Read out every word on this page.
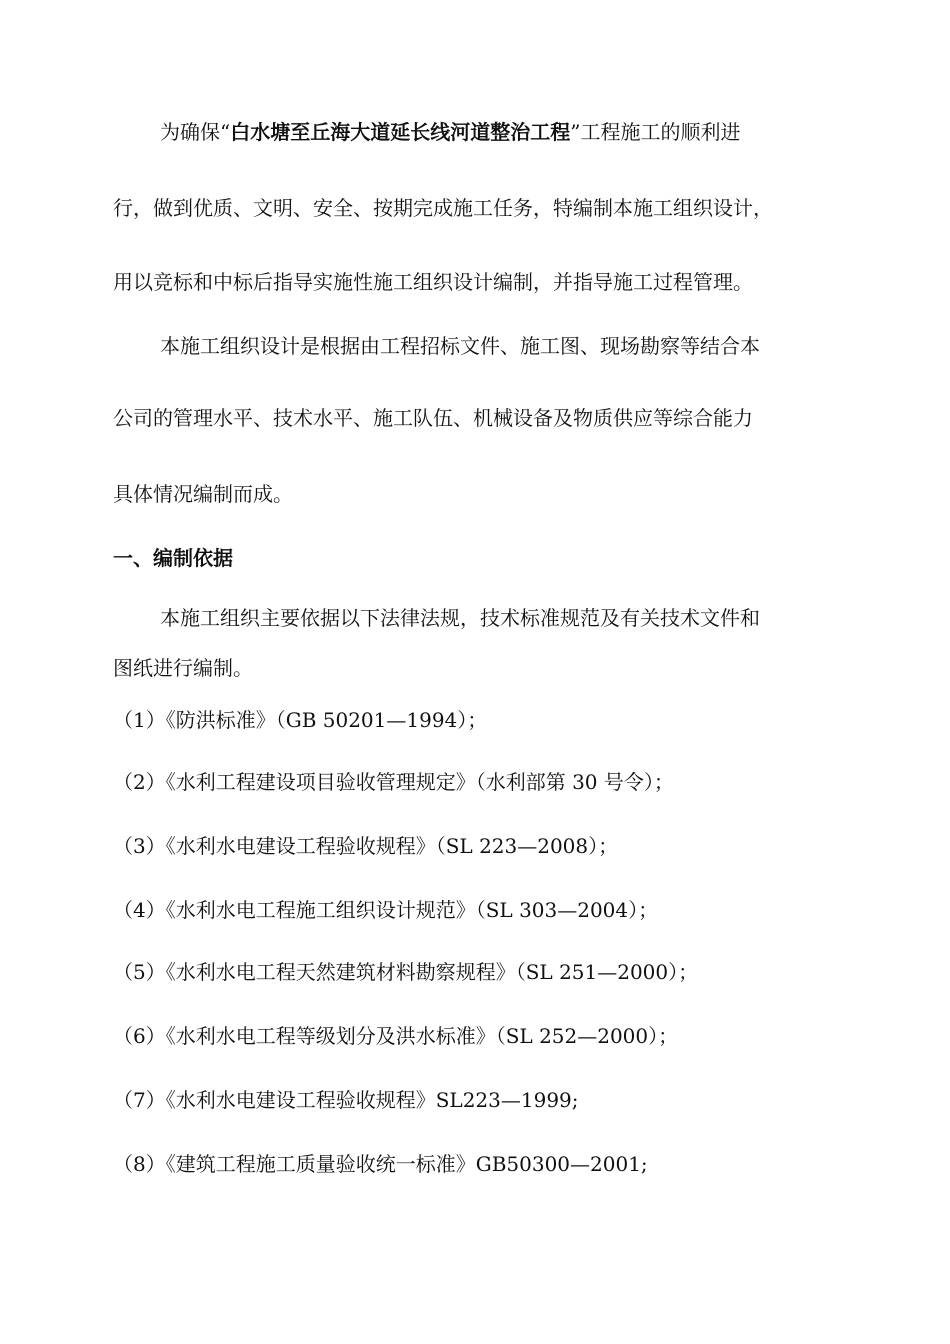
为确保“白水塘至丘海大道延长线河道整治工程”工程施工的顺利进
行，做到优质、文明、安全、按期完成施工任务，特编制本施工组织设计，
用以竞标和中标后指导实施性施工组织设计编制，并指导施工过程管理。
本施工组织设计是根据由工程招标文件、施工图、现场勘察等结合本
公司的管理水平、技术水平、施工队伍、机械设备及物质供应等综合能力
具体情况编制而成。
一、编制依据
本施工组织主要依据以下法律法规，技术标准规范及有关技术文件和
图纸进行编制。
（1）《防洪标准》（GB 50201—1994）；
（2）《水利工程建设项目验收管理规定》（水利部第 30 号令）；
（3）《水利水电建设工程验收规程》（SL 223—2008）；
（4）《水利水电工程施工组织设计规范》（SL 303—2004）；
（5）《水利水电工程天然建筑材料勘察规程》（SL 251—2000）；
（6）《水利水电工程等级划分及洪水标准》（SL 252—2000）；
（7）《水利水电建设工程验收规程》SL223—1999;
（8）《建筑工程施工质量验收统一标准》GB50300—2001;
